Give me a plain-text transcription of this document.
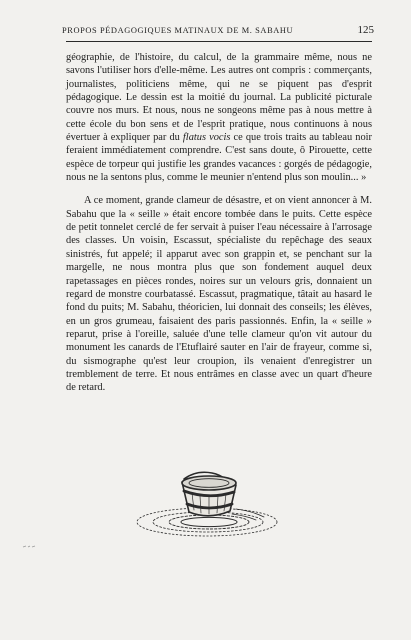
PROPOS PÉDAGOGIQUES MATINAUX DE M. SABAHU	125

géographie, de l'histoire, du calcul, de la grammaire même, nous ne savons l'utiliser hors d'elle-même. Les autres ont compris : commerçants, journalistes, politiciens même, qui ne se piquent pas d'esprit pédagogique. Le dessin est la moitié du journal. La publicité picturale couvre nos murs. Et nous, nous ne songeons même pas à nous mettre à cette école du bon sens et de l'esprit pratique, nous continuons à nous évertuer à expliquer par du flatus vocis ce que trois traits au tableau noir feraient immédiatement comprendre. C'est sans doute, ô Pirouette, cette espèce de torpeur qui justifie les grandes vacances : gorgés de pédagogie, nous ne la sentons plus, comme le meunier n'entend plus son moulin... »

A ce moment, grande clameur de désastre, et on vient annoncer à M. Sabahu que la « seille » était encore tombée dans le puits. Cette espèce de petit tonnelet cerclé de fer servait à puiser l'eau nécessaire à l'arrosage des classes. Un voisin, Escassut, spécialiste du repêchage des seaux sinistrés, fut appelé; il apparut avec son grappin et, se penchant sur la margelle, ne nous montra plus que son fondement auquel deux rapetassages en pièces rondes, noires sur un velours gris, donnaient un regard de monstre courbatassé. Escassut, pragmatique, tâtait au hasard le fond du puits; M. Sabahu, théoricien, lui donnait des conseils; les élèves, en un gros grumeau, faisaient des paris passionnés. Enfin, la « seille » reparut, prise à l'oreille, saluée d'une telle clameur qu'on vit autour du monument les canards de l'Etuflairé sauter en l'air de frayeur, comme si, du sismographe qu'est leur croupion, ils venaient d'enregistrer un tremblement de terre. Et nous entrâmes en classe avec un quart d'heure de retard.
